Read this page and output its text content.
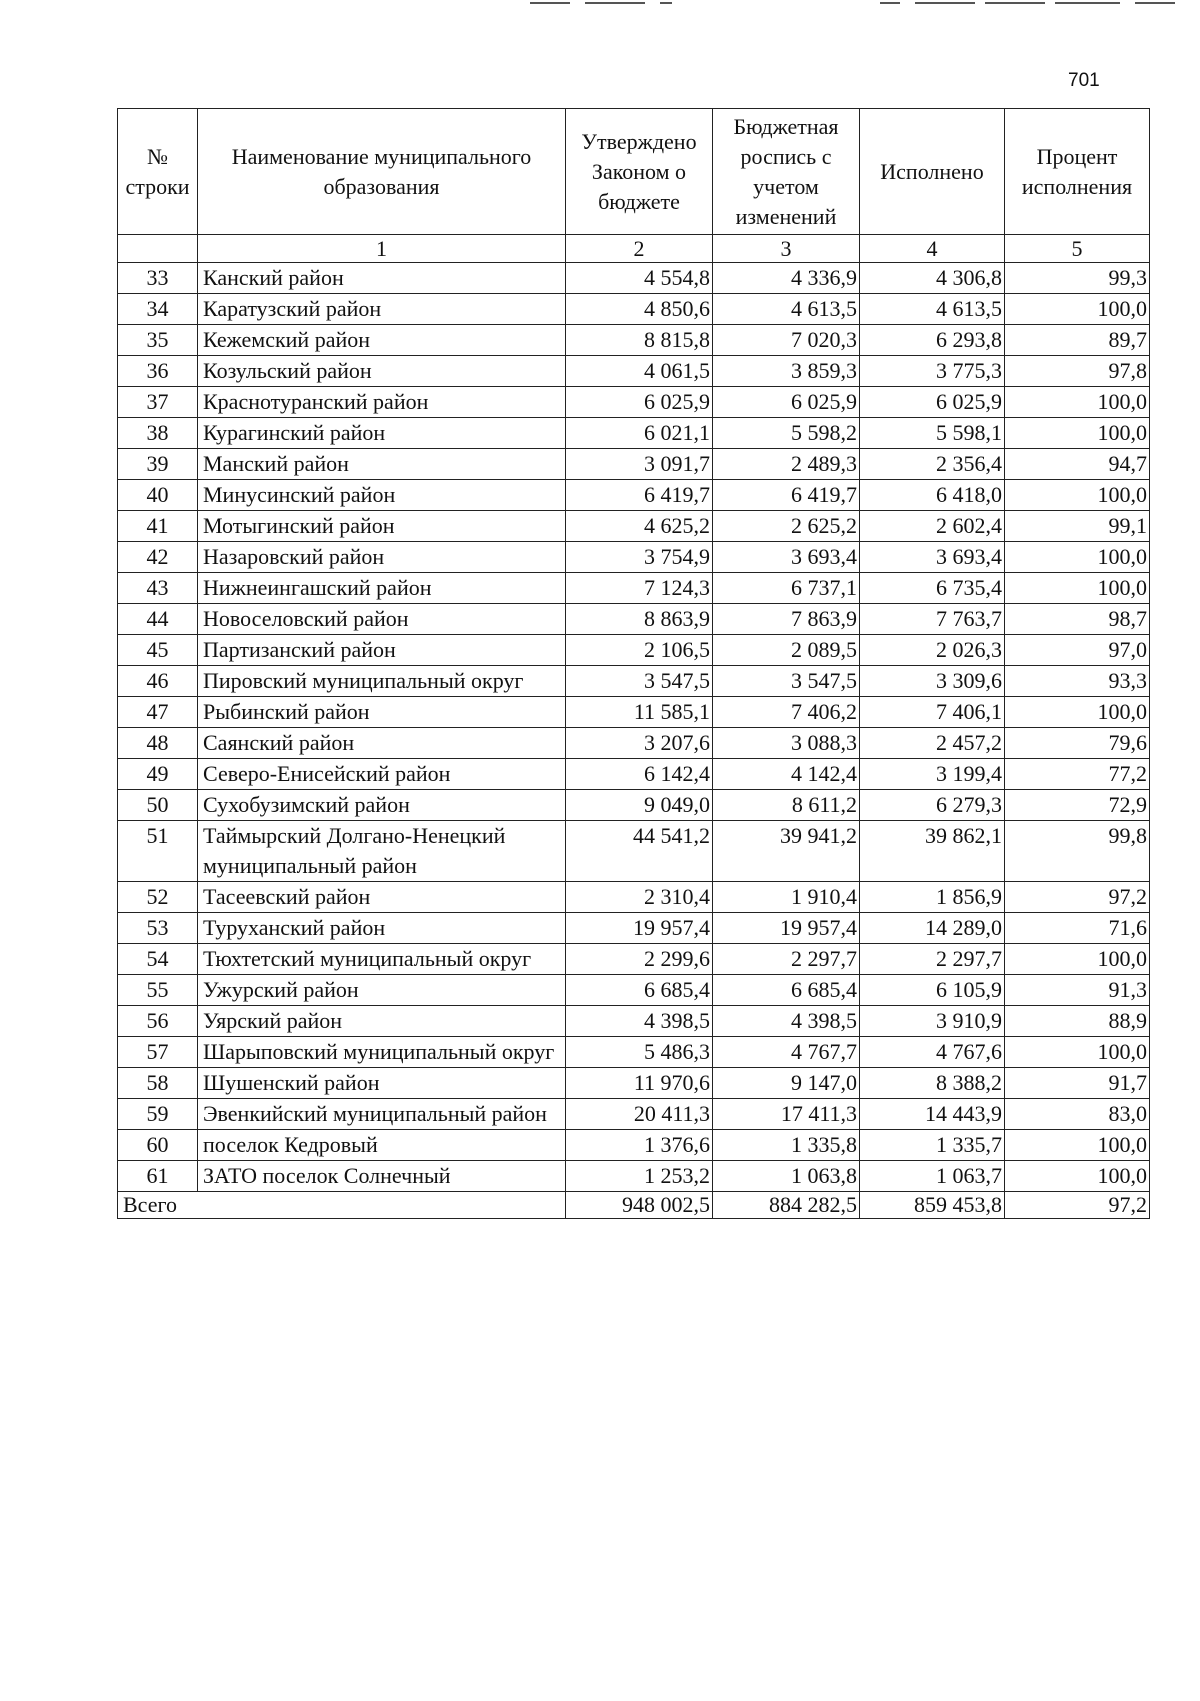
701
№ строки	Наименование муниципального образования	Утверждено Законом о бюджете	Бюджетная роспись с учетом изменений	Исполнено	Процент исполнения
	1	2	3	4	5
33	Канский район	4 554,8	4 336,9	4 306,8	99,3
34	Каратузский район	4 850,6	4 613,5	4 613,5	100,0
35	Кежемский район	8 815,8	7 020,3	6 293,8	89,7
36	Козульский район	4 061,5	3 859,3	3 775,3	97,8
37	Краснотуранский район	6 025,9	6 025,9	6 025,9	100,0
38	Курагинский район	6 021,1	5 598,2	5 598,1	100,0
39	Манский район	3 091,7	2 489,3	2 356,4	94,7
40	Минусинский район	6 419,7	6 419,7	6 418,0	100,0
41	Мотыгинский район	4 625,2	2 625,2	2 602,4	99,1
42	Назаровский район	3 754,9	3 693,4	3 693,4	100,0
43	Нижнеингашский район	7 124,3	6 737,1	6 735,4	100,0
44	Новоселовский район	8 863,9	7 863,9	7 763,7	98,7
45	Партизанский район	2 106,5	2 089,5	2 026,3	97,0
46	Пировский муниципальный округ	3 547,5	3 547,5	3 309,6	93,3
47	Рыбинский район	11 585,1	7 406,2	7 406,1	100,0
48	Саянский район	3 207,6	3 088,3	2 457,2	79,6
49	Северо-Енисейский район	6 142,4	4 142,4	3 199,4	77,2
50	Сухобузимский район	9 049,0	8 611,2	6 279,3	72,9
51	Таймырский Долгано-Ненецкий муниципальный район	44 541,2	39 941,2	39 862,1	99,8
52	Тасеевский район	2 310,4	1 910,4	1 856,9	97,2
53	Туруханский район	19 957,4	19 957,4	14 289,0	71,6
54	Тюхтетский муниципальный округ	2 299,6	2 297,7	2 297,7	100,0
55	Ужурский район	6 685,4	6 685,4	6 105,9	91,3
56	Уярский район	4 398,5	4 398,5	3 910,9	88,9
57	Шарыповский муниципальный округ	5 486,3	4 767,7	4 767,6	100,0
58	Шушенский район	11 970,6	9 147,0	8 388,2	91,7
59	Эвенкийский муниципальный район	20 411,3	17 411,3	14 443,9	83,0
60	поселок Кедровый	1 376,6	1 335,8	1 335,7	100,0
61	ЗАТО поселок Солнечный	1 253,2	1 063,8	1 063,7	100,0
Всего		948 002,5	884 282,5	859 453,8	97,2
